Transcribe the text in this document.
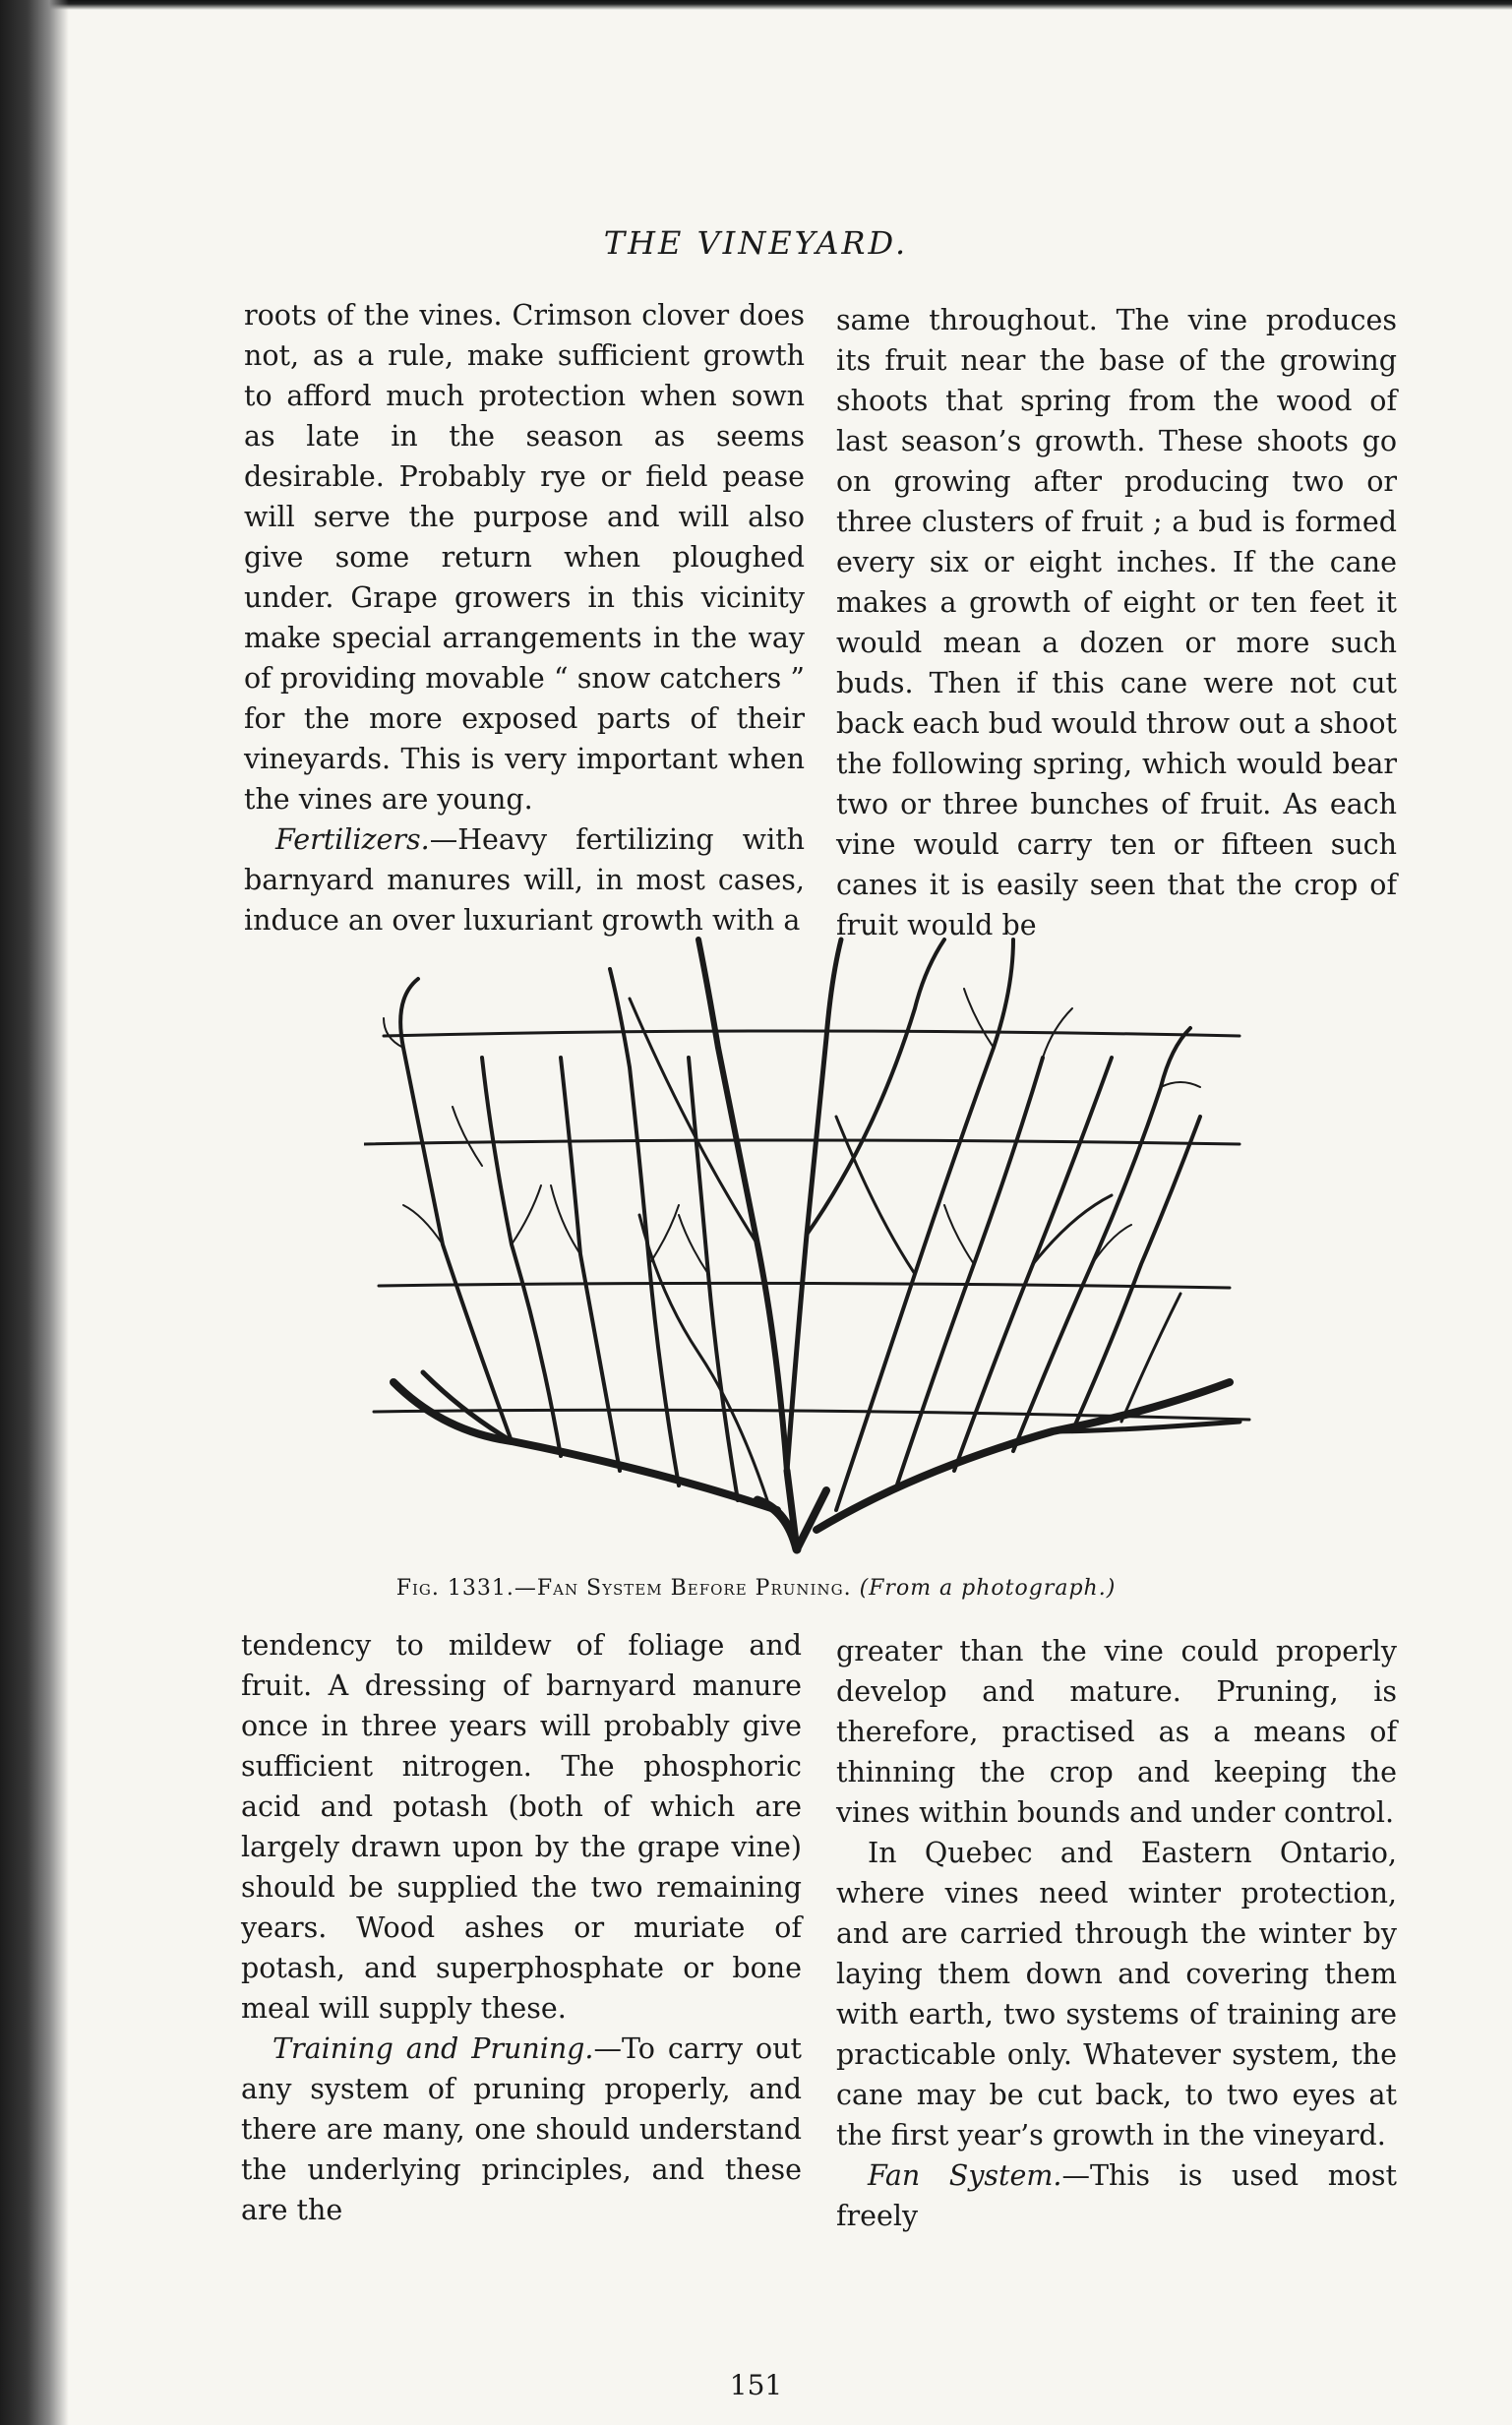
THE VINEYARD.

roots of the vines. Crimson clover does not, as a rule, make sufficient growth to afford much protection when sown as late in the season as seems desirable. Probably rye or field pease will serve the purpose and will also give some return when ploughed under. Grape growers in this vicinity make special arrangements in the way of providing movable “ snow catchers ” for the more exposed parts of their vineyards. This is very important when the vines are young.

Fertilizers.—Heavy fertilizing with barnyard manures will, in most cases, induce an over luxuriant growth with a

same throughout. The vine produces its fruit near the base of the growing shoots that spring from the wood of last season’s growth. These shoots go on growing after producing two or three clusters of fruit ; a bud is formed every six or eight inches. If the cane makes a growth of eight or ten feet it would mean a dozen or more such buds. Then if this cane were not cut back each bud would throw out a shoot the following spring, which would bear two or three bunches of fruit. As each vine would carry ten or fifteen such canes it is easily seen that the crop of fruit would be

Fig. 1331.—Fan System Before Pruning. (From a photograph.)

tendency to mildew of foliage and fruit. A dressing of barnyard manure once in three years will probably give sufficient nitrogen. The phosphoric acid and potash (both of which are largely drawn upon by the grape vine) should be supplied the two remaining years. Wood ashes or muriate of potash, and superphosphate or bone meal will supply these.

Training and Pruning.—To carry out any system of pruning properly, and there are many, one should understand the underlying principles, and these are the

greater than the vine could properly develop and mature. Pruning, is therefore, practised as a means of thinning the crop and keeping the vines within bounds and under control.

In Quebec and Eastern Ontario, where vines need winter protection, and are carried through the winter by laying them down and covering them with earth, two systems of training are practicable only. Whatever system, the cane may be cut back, to two eyes at the first year’s growth in the vineyard.

Fan System.—This is used most freely

151
